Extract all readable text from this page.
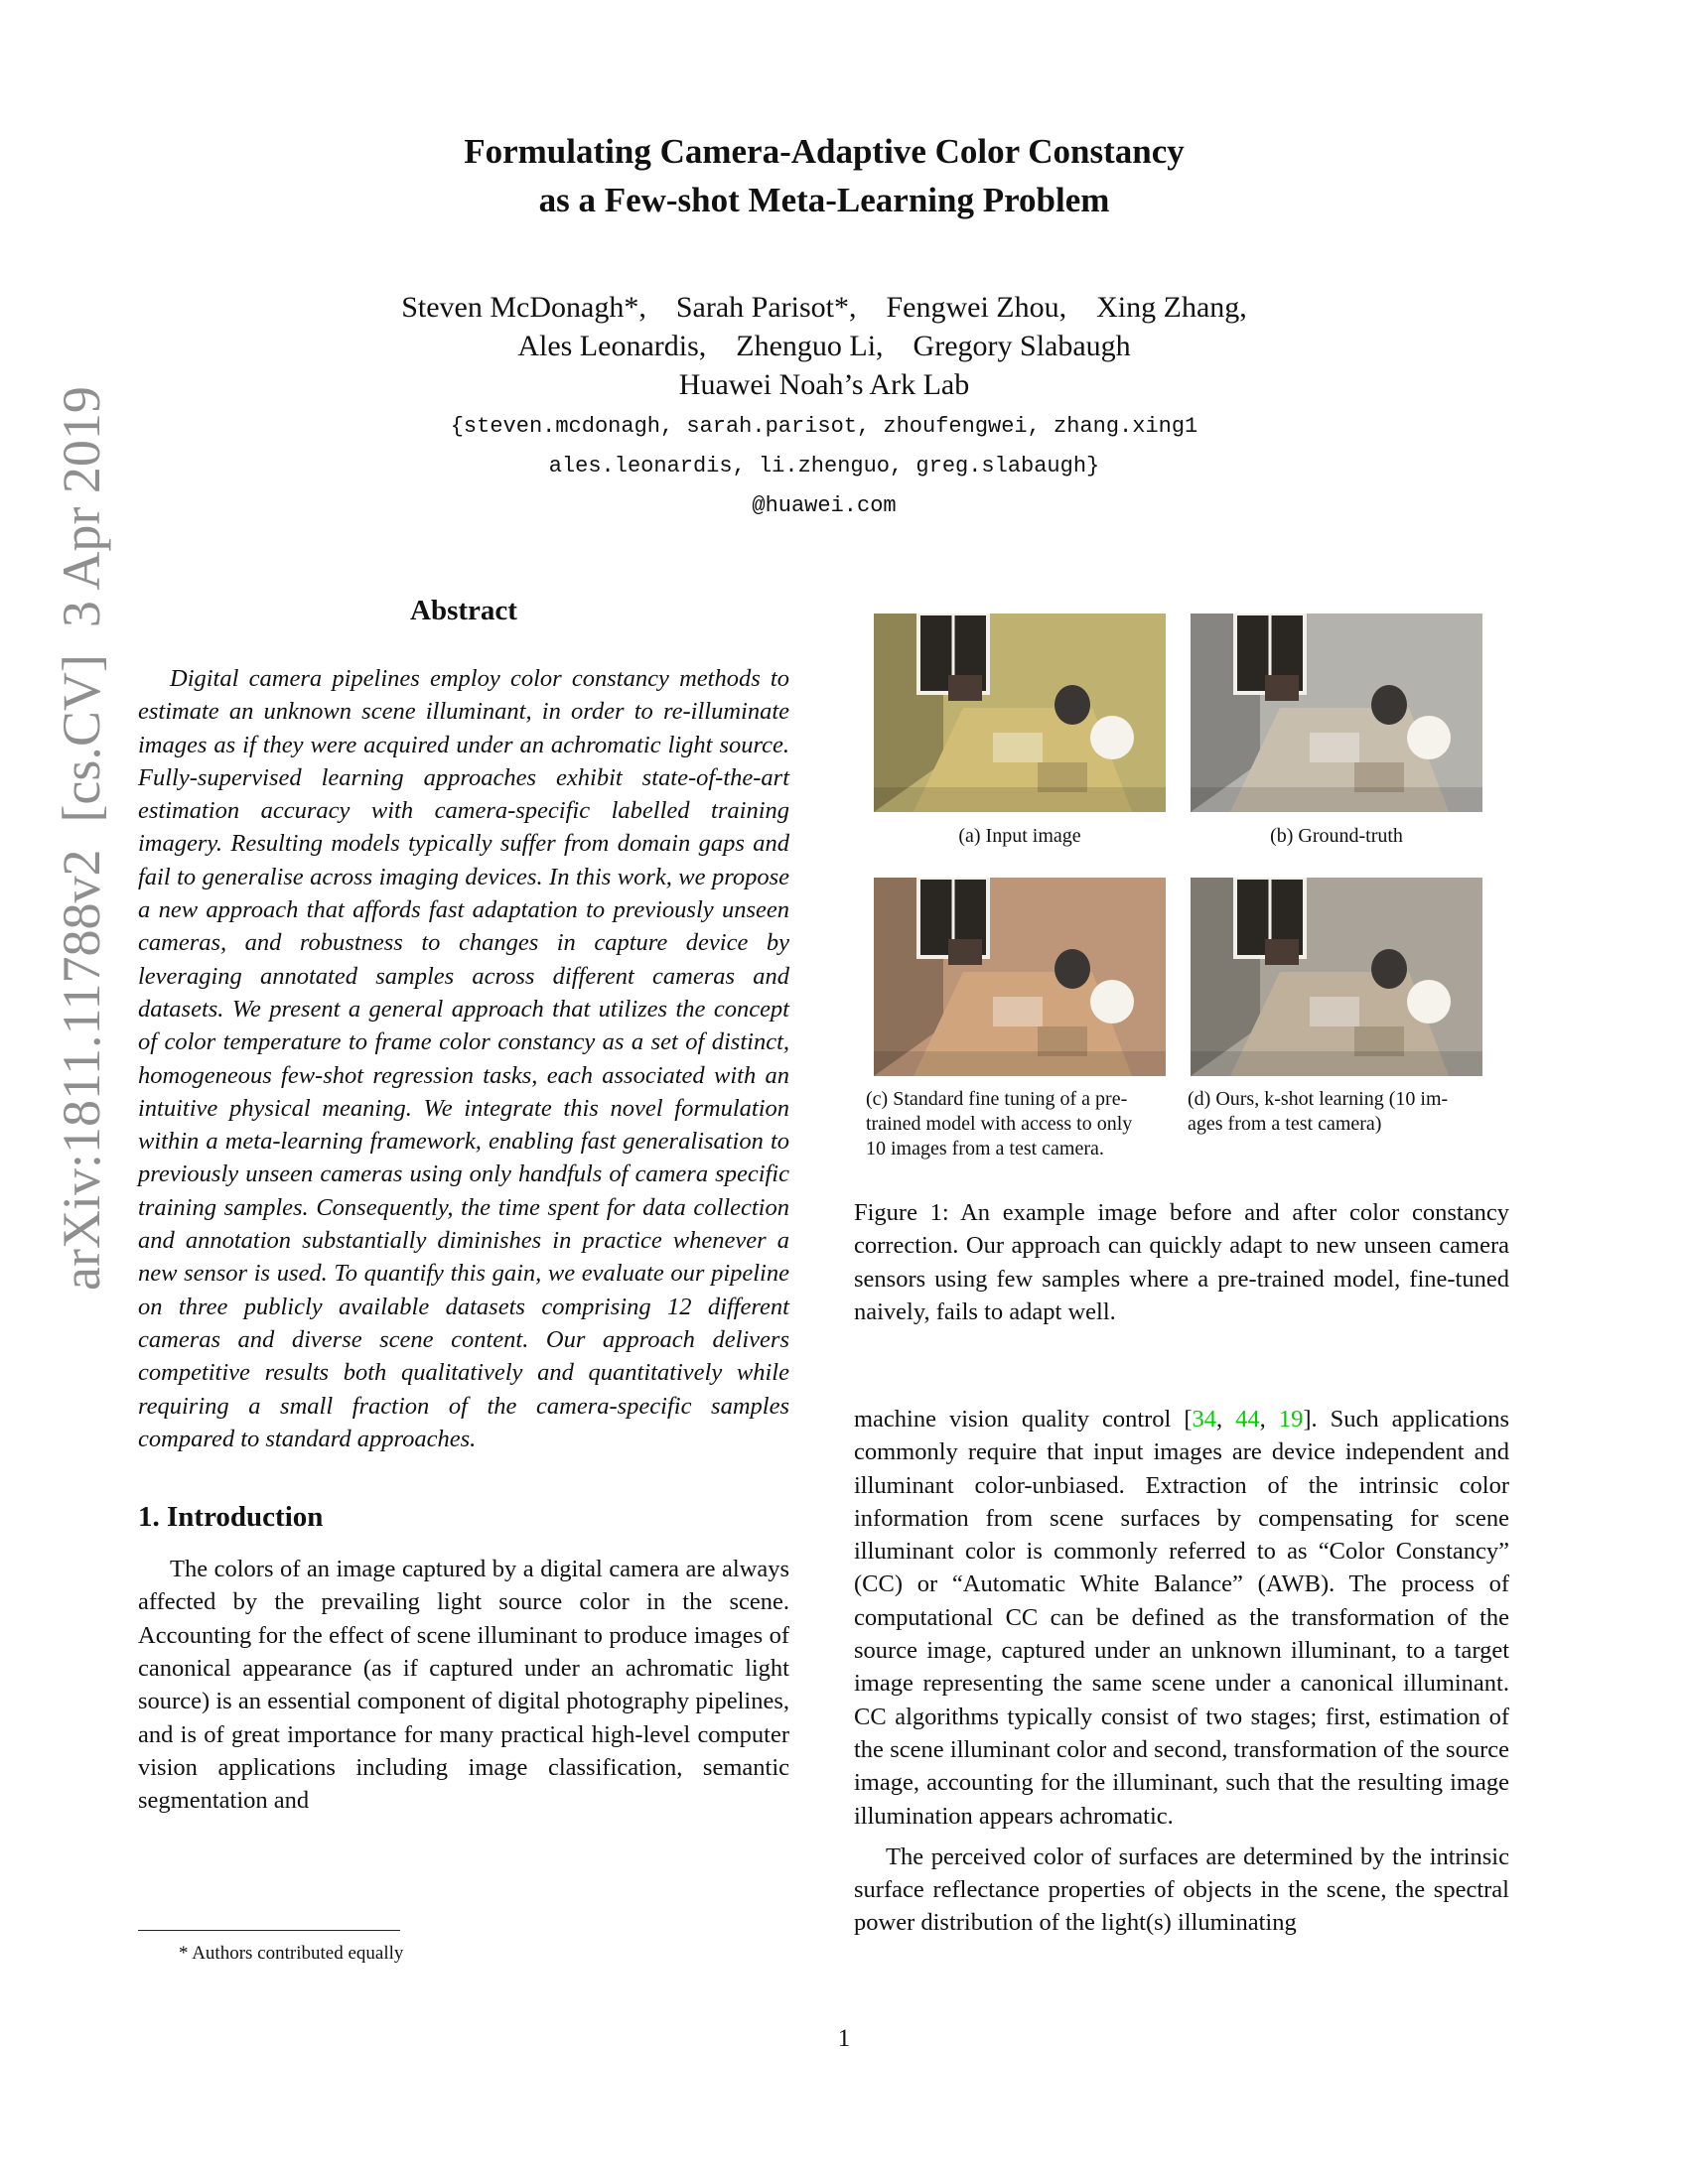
Formulating Camera-Adaptive Color Constancy
as a Few-shot Meta-Learning Problem
Steven McDonagh*,    Sarah Parisot*,    Fengwei Zhou,    Xing Zhang,
Ales Leonardis,    Zhenguo Li,    Gregory Slabaugh
Huawei Noah’s Ark Lab
{steven.mcdonagh, sarah.parisot, zhoufengwei, zhang.xing1
ales.leonardis, li.zhenguo, greg.slabaugh}
@huawei.com
arXiv:1811.11788v2  [cs.CV]  3 Apr 2019	Abstract

Digital camera pipelines employ color constancy methods to estimate an unknown scene illuminant, in order to re-illuminate images as if they were acquired under an achromatic light source. Fully-supervised learning approaches exhibit state-of-the-art estimation accuracy with camera-specific labelled training imagery. Resulting models typically suffer from domain gaps and fail to generalise across imaging devices. In this work, we propose a new approach that affords fast adaptation to previously unseen cameras, and robustness to changes in capture device by leveraging annotated samples across different cameras and datasets. We present a general approach that utilizes the concept of color temperature to frame color constancy as a set of distinct, homogeneous few-shot regression tasks, each associated with an intuitive physical meaning. We integrate this novel formulation within a meta-learning framework, enabling fast generalisation to previously unseen cameras using only handfuls of camera specific training samples. Consequently, the time spent for data collection and annotation substantially diminishes in practice whenever a new sensor is used. To quantify this gain, we evaluate our pipeline on three publicly available datasets comprising 12 different cameras and diverse scene content. Our approach delivers competitive results both qualitatively and quantitatively while requiring a small fraction of the camera-specific samples compared to standard approaches.

1. Introduction

The colors of an image captured by a digital camera are always affected by the prevailing light source color in the scene. Accounting for the effect of scene illuminant to produce images of canonical appearance (as if captured under an achromatic light source) is an essential component of digital photography pipelines, and is of great importance for many practical high-level computer vision applications including image classification, semantic segmentation and

* Authors contributed equally
(a) Input image	(b) Ground-truth
(c) Standard fine tuning of a pre-
trained model with access to only
10 images from a test camera.
(d) Ours, k-shot learning (10 im-
ages from a test camera)
Figure 1: An example image before and after color constancy correction. Our approach can quickly adapt to new unseen camera sensors using few samples where a pre-trained model, fine-tuned naively, fails to adapt well.

machine vision quality control [34, 44, 19]. Such applications commonly require that input images are device independent and illuminant color-unbiased. Extraction of the intrinsic color information from scene surfaces by compensating for scene illuminant color is commonly referred to as “Color Constancy” (CC) or “Automatic White Balance” (AWB). The process of computational CC can be defined as the transformation of the source image, captured under an unknown illuminant, to a target image representing the same scene under a canonical illuminant. CC algorithms typically consist of two stages; first, estimation of the scene illuminant color and second, transformation of the source image, accounting for the illuminant, such that the resulting image illumination appears achromatic.

The perceived color of surfaces are determined by the intrinsic surface reflectance properties of objects in the scene, the spectral power distribution of the light(s) illuminating

1
